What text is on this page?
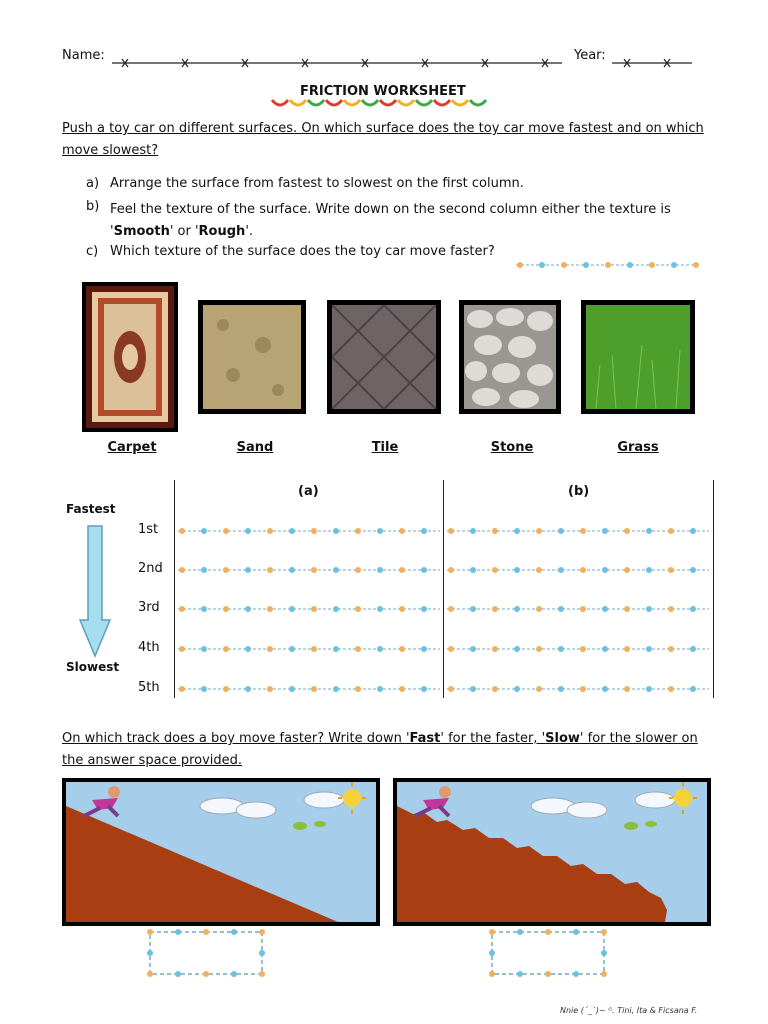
Name:	Year:
FRICTION WORKSHEET
Push a toy car on different surfaces. On which surface does the toy car move fastest and on which move slowest?
a) Arrange the surface from fastest to slowest on the first column.
b) Feel the texture of the surface. Write down on the second column either the texture is 'Smooth' or 'Rough'.
c) Which texture of the surface does the toy car move faster?
Carpet	Sand	Tile	Stone	Grass
Fastest
Slowest
(a)	(b)
1st
2nd
3rd
4th
5th
On which track does a boy move faster? Write down 'Fast' for the faster, 'Slow' for the slower on the answer space provided.
Nnie (´_`)~ ᴳ. Tini, Ita & Ficsana F.
